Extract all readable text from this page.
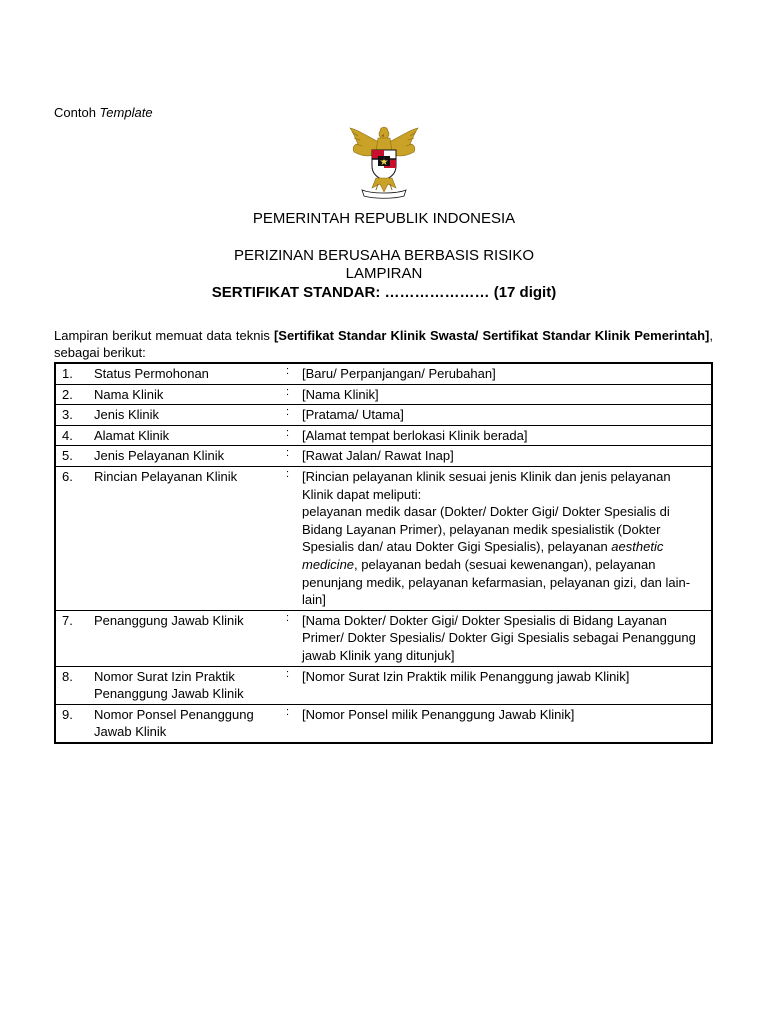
Contoh Template
PEMERINTAH REPUBLIK INDONESIA
PERIZINAN BERUSAHA BERBASIS RISIKO
LAMPIRAN
SERTIFIKAT STANDAR: ………………… (17 digit)
Lampiran berikut memuat data teknis [Sertifikat Standar Klinik Swasta/ Sertifikat Standar Klinik Pemerintah], sebagai berikut:
1.	Status Permohonan	:	[Baru/ Perpanjangan/ Perubahan]
2.	Nama Klinik	:	[Nama Klinik]
3.	Jenis Klinik	:	[Pratama/ Utama]
4.	Alamat Klinik	:	[Alamat tempat berlokasi Klinik berada]
5.	Jenis Pelayanan Klinik	:	[Rawat Jalan/ Rawat Inap]
6.	Rincian Pelayanan Klinik	:	[Rincian pelayanan klinik sesuai jenis Klinik dan jenis pelayanan Klinik dapat meliputi:
pelayanan medik dasar (Dokter/ Dokter Gigi/ Dokter Spesialis di Bidang Layanan Primer), pelayanan medik spesialistik (Dokter Spesialis dan/ atau Dokter Gigi Spesialis), pelayanan aesthetic medicine, pelayanan bedah (sesuai kewenangan), pelayanan penunjang medik, pelayanan kefarmasian, pelayanan gizi, dan lain-lain]
7.	Penanggung Jawab Klinik	:	[Nama Dokter/ Dokter Gigi/ Dokter Spesialis di Bidang Layanan Primer/ Dokter Spesialis/ Dokter Gigi Spesialis sebagai Penanggung jawab Klinik yang ditunjuk]
8.	Nomor Surat Izin Praktik Penanggung Jawab Klinik	:	[Nomor Surat Izin Praktik milik Penanggung jawab Klinik]
9.	Nomor Ponsel Penanggung Jawab Klinik	:	[Nomor Ponsel milik Penanggung Jawab Klinik]
